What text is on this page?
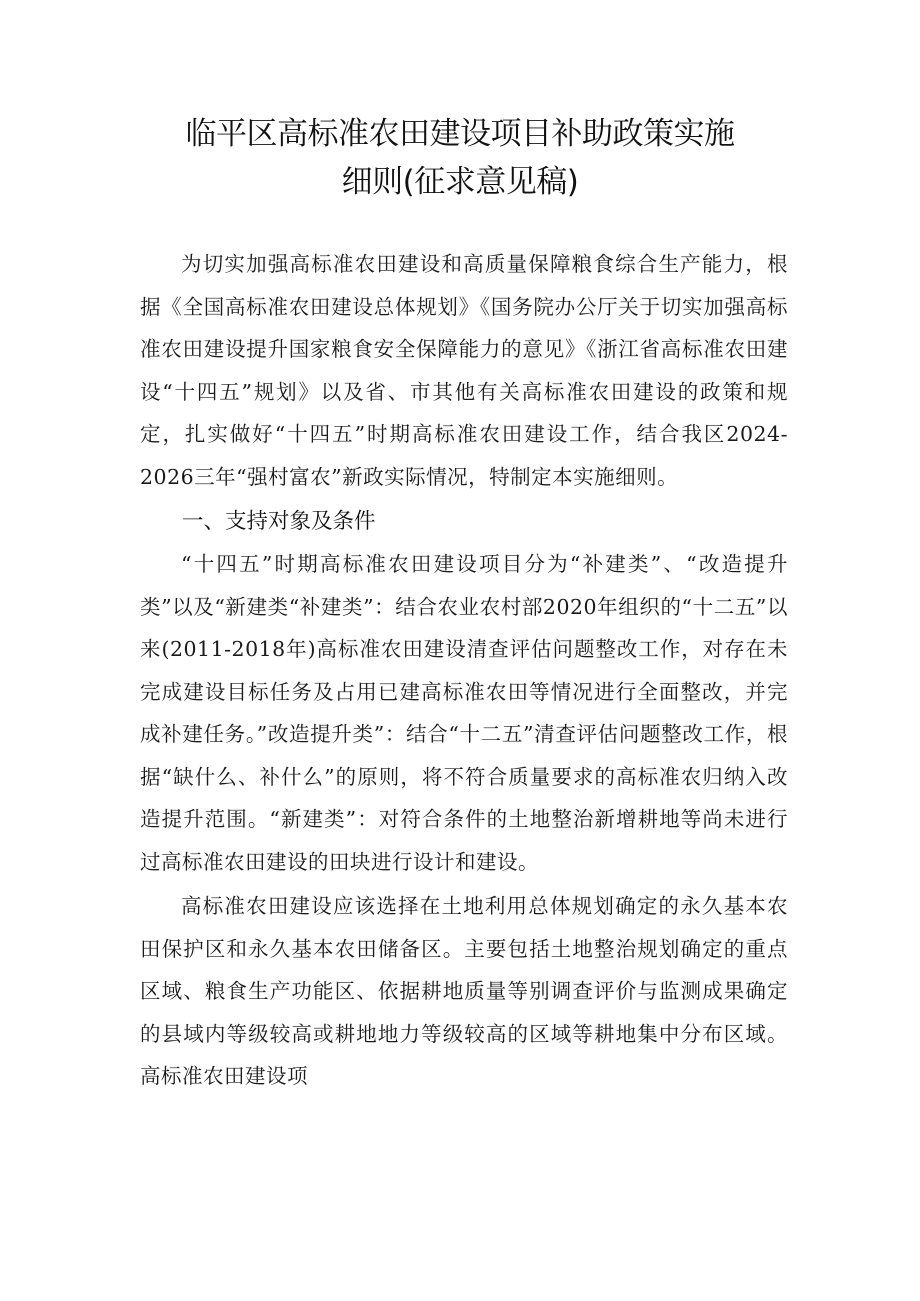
临平区高标准农田建设项目补助政策实施
细则(征求意见稿)

为切实加强高标准农田建设和高质量保障粮食综合生产能力，根据《全国高标准农田建设总体规划》《国务院办公厅关于切实加强高标准农田建设提升国家粮食安全保障能力的意见》《浙江省高标准农田建设“十四五”规划》以及省、市其他有关高标准农田建设的政策和规定，扎实做好“十四五”时期高标准农田建设工作，结合我区2024-2026三年“强村富农”新政实际情况，特制定本实施细则。

一、支持对象及条件

“十四五”时期高标准农田建设项目分为“补建类”、“改造提升类”以及“新建类“补建类”：结合农业农村部2020年组织的“十二五”以来(2011-2018年)高标准农田建设清查评估问题整改工作，对存在未完成建设目标任务及占用已建高标准农田等情况进行全面整改，并完成补建任务。”改造提升类”：结合“十二五”清查评估问题整改工作，根据“缺什么、补什么”的原则，将不符合质量要求的高标准农归纳入改造提升范围。“新建类”：对符合条件的土地整治新增耕地等尚未进行过高标准农田建设的田块进行设计和建设。

高标准农田建设应该选择在土地利用总体规划确定的永久基本农田保护区和永久基本农田储备区。主要包括土地整治规划确定的重点区域、粮食生产功能区、依据耕地质量等别调查评价与监测成果确定的县域内等级较高或耕地地力等级较高的区域等耕地集中分布区域。高标准农田建设项
